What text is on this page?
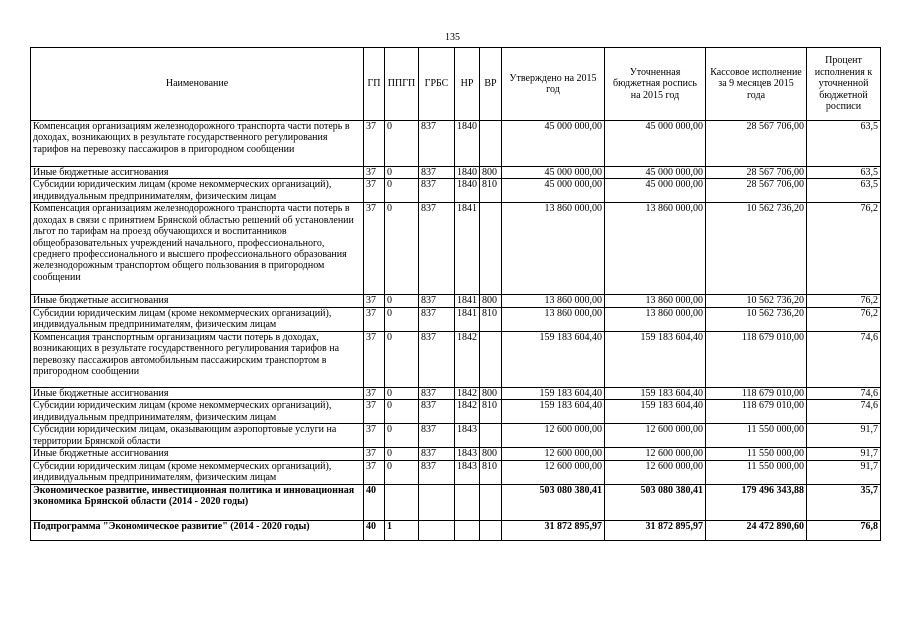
135
Наименование	ГП	ППГП	ГРБС	НР	ВР	Утверждено на 2015 год	Уточненная бюджетная роспись на 2015 год	Кассовое исполнение за 9 месяцев 2015 года	Процент исполнения к уточненной бюджетной росписи
Компенсация организациям железнодорожного транспорта части потерь в доходах, возникающих в результате государственного регулирования тарифов на перевозку пассажиров в пригородном сообщении	37	0	837	1840		45 000 000,00	45 000 000,00	28 567 706,00	63,5
Иные бюджетные ассигнования	37	0	837	1840	800	45 000 000,00	45 000 000,00	28 567 706,00	63,5
Субсидии юридическим лицам (кроме некоммерческих организаций), индивидуальным предпринимателям, физическим лицам	37	0	837	1840	810	45 000 000,00	45 000 000,00	28 567 706,00	63,5
Компенсация организациям железнодорожного транспорта части потерь в доходах в связи с принятием Брянской областью решений об установлении льгот по тарифам на проезд обучающихся и воспитанников общеобразовательных учреждений начального, профессионального, среднего профессионального и высшего профессионального образования железнодорожным транспортом общего пользования в пригородном сообщении	37	0	837	1841		13 860 000,00	13 860 000,00	10 562 736,20	76,2
Иные бюджетные ассигнования	37	0	837	1841	800	13 860 000,00	13 860 000,00	10 562 736,20	76,2
Субсидии юридическим лицам (кроме некоммерческих организаций), индивидуальным предпринимателям, физическим лицам	37	0	837	1841	810	13 860 000,00	13 860 000,00	10 562 736,20	76,2
Компенсация транспортным организациям части потерь в доходах, возникающих в результате государственного регулирования тарифов на перевозку пассажиров автомобильным пассажирским транспортом в пригородном сообщении	37	0	837	1842		159 183 604,40	159 183 604,40	118 679 010,00	74,6
Иные бюджетные ассигнования	37	0	837	1842	800	159 183 604,40	159 183 604,40	118 679 010,00	74,6
Субсидии юридическим лицам (кроме некоммерческих организаций), индивидуальным предпринимателям, физическим лицам	37	0	837	1842	810	159 183 604,40	159 183 604,40	118 679 010,00	74,6
Субсидии юридическим лицам, оказывающим аэропортовые услуги на территории Брянской области	37	0	837	1843		12 600 000,00	12 600 000,00	11 550 000,00	91,7
Иные бюджетные ассигнования	37	0	837	1843	800	12 600 000,00	12 600 000,00	11 550 000,00	91,7
Субсидии юридическим лицам (кроме некоммерческих организаций), индивидуальным предпринимателям, физическим лицам	37	0	837	1843	810	12 600 000,00	12 600 000,00	11 550 000,00	91,7
Экономическое развитие, инвестиционная политика и инновационная экономика Брянской области (2014 - 2020 годы)	40					503 080 380,41	503 080 380,41	179 496 343,88	35,7
Подпрограмма "Экономическое развитие" (2014 - 2020 годы)	40	1				31 872 895,97	31 872 895,97	24 472 890,60	76,8
